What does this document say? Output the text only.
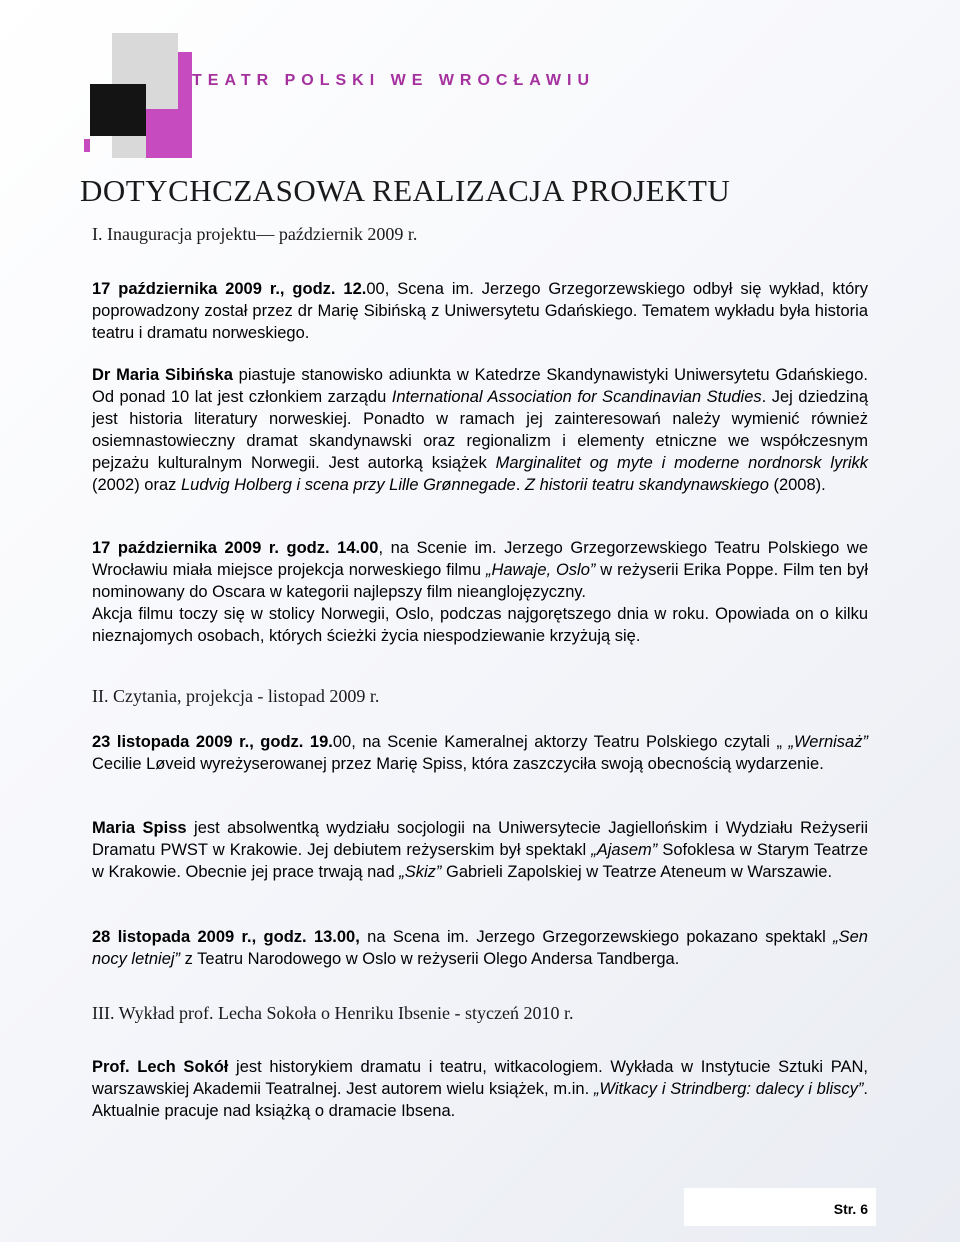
TEATR POLSKI WE WROCŁAWIU
DOTYCHCZASOWA REALIZACJA PROJEKTU
I. Inauguracja projektu— październik 2009 r.

17 października 2009 r., godz. 12.00, Scena im. Jerzego Grzegorzewskiego odbył się wykład, który poprowadzony został przez dr Marię Sibińską z Uniwersytetu Gdańskiego. Tematem wykładu była historia teatru i dramatu norweskiego.

Dr Maria Sibińska piastuje stanowisko adiunkta w Katedrze Skandynawistyki Uniwersytetu Gdańskiego. Od ponad 10 lat jest członkiem zarządu International Association for Scandinavian Studies. Jej dziedziną jest historia literatury norweskiej. Ponadto w ramach jej zainteresowań należy wymienić również osiemnastowieczny dramat skandynawski oraz regionalizm i elementy etniczne we współczesnym pejzażu kulturalnym Norwegii. Jest autorką książek Marginalitet og myte i moderne nordnorsk lyrikk (2002) oraz Ludvig Holberg i scena przy Lille Grønnegade. Z historii teatru skandynawskiego (2008).

17 października 2009 r. godz. 14.00, na Scenie im. Jerzego Grzegorzewskiego Teatru Polskiego we Wrocławiu miała miejsce projekcja norweskiego filmu „Hawaje, Oslo” w reżyserii Erika Poppe. Film ten był nominowany do Oscara w kategorii najlepszy film nieanglojęzyczny.
Akcja filmu toczy się w stolicy Norwegii, Oslo, podczas najgorętszego dnia w roku. Opowiada on o kilku nieznajomych osobach, których ścieżki życia niespodziewanie krzyżują się.

II. Czytania, projekcja - listopad 2009 r.

23 listopada 2009 r., godz. 19.00, na Scenie Kameralnej aktorzy Teatru Polskiego czytali „ „Wernisaż” Cecilie Løveid wyreżyserowanej przez Marię Spiss, która zaszczyciła swoją obecnością wydarzenie.

Maria Spiss jest absolwentką wydziału socjologii na Uniwersytecie Jagiellońskim i Wydziału Reżyserii Dramatu PWST w Krakowie. Jej debiutem reżyserskim był spektakl „Ajasem” Sofoklesa w Starym Teatrze w Krakowie. Obecnie jej prace trwają nad „Skiz” Gabrieli Zapolskiej w Teatrze Ateneum w Warszawie.

28 listopada 2009 r., godz. 13.00, na Scena im. Jerzego Grzegorzewskiego pokazano spektakl „Sen nocy letniej” z Teatru Narodowego w Oslo w reżyserii Olego Andersa Tandberga.

III. Wykład prof. Lecha Sokoła o Henriku Ibsenie - styczeń 2010 r.

Prof. Lech Sokół jest historykiem dramatu i teatru, witkacologiem. Wykłada w Instytucie Sztuki PAN, warszawskiej Akademii Teatralnej. Jest autorem wielu książek, m.in. „Witkacy i Strindberg: dalecy i bliscy”. Aktualnie pracuje nad książką o dramacie Ibsena.

Str. 6
